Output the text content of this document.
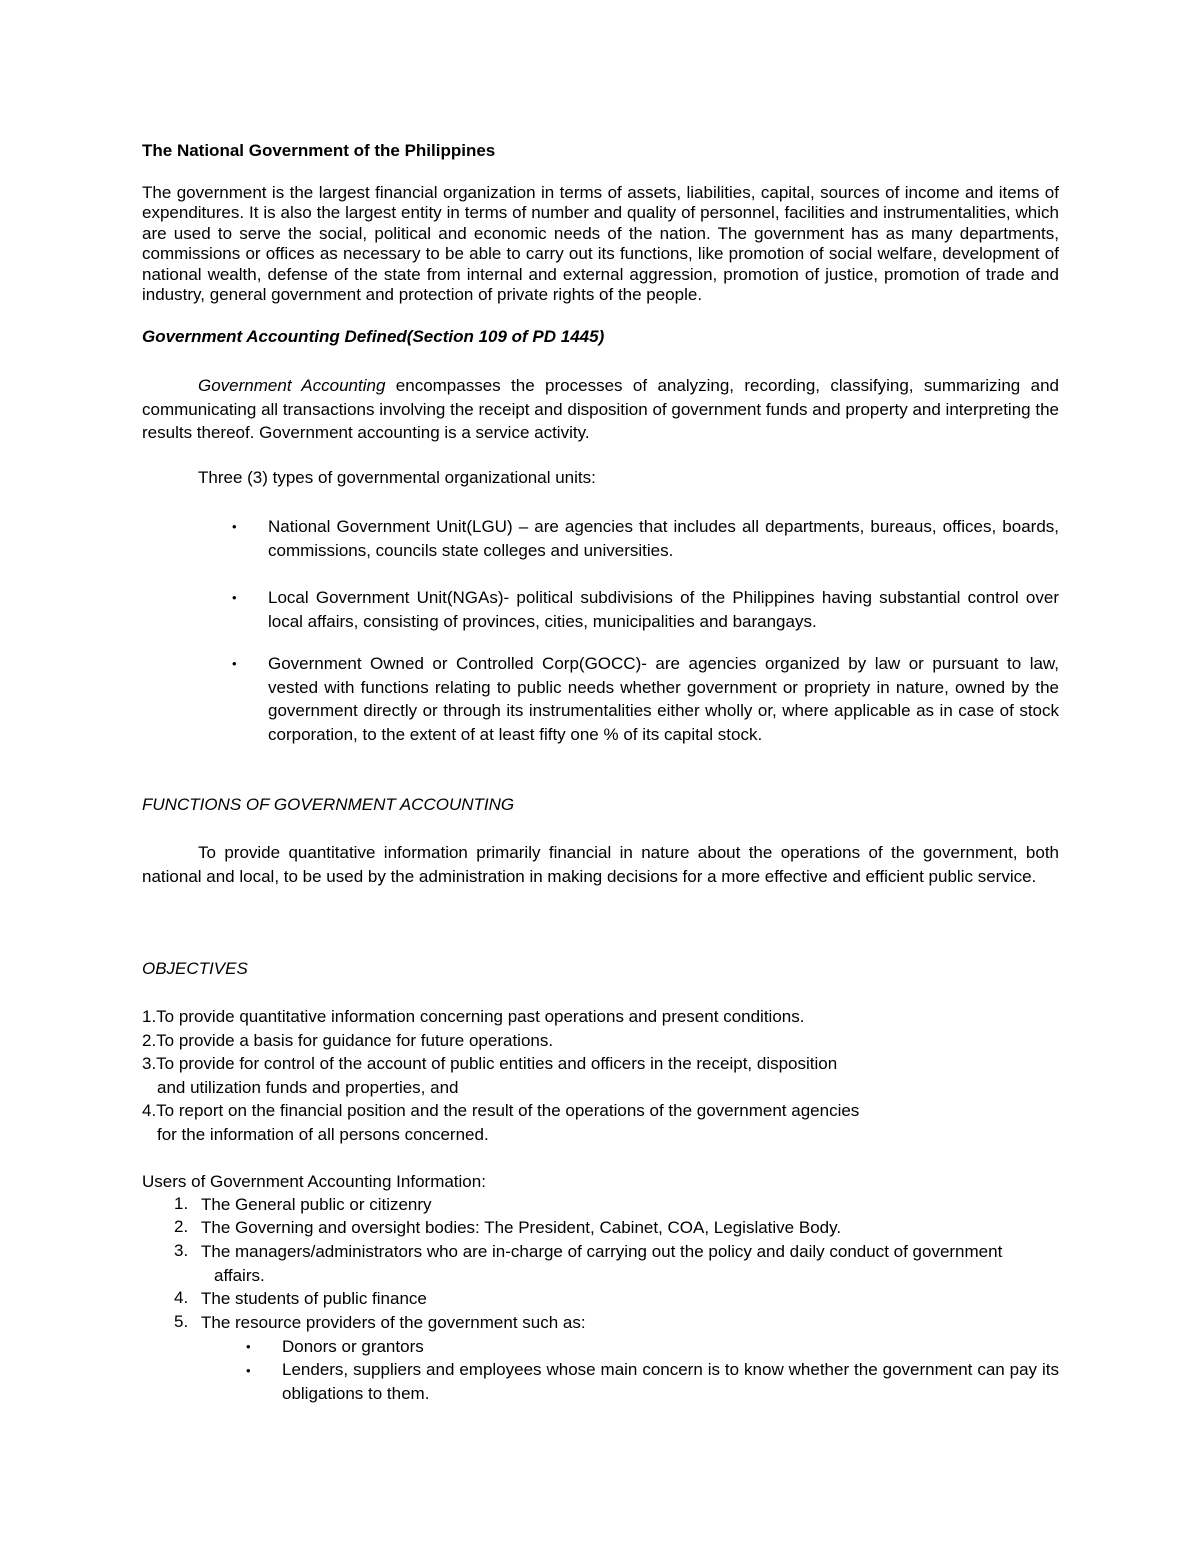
The National Government of the Philippines
The government is the largest financial organization in terms of assets, liabilities, capital, sources of income and items of expenditures. It is also the largest entity in terms of number and quality of personnel, facilities and instrumentalities, which are used to serve the social, political and economic needs of the nation. The government has as many departments, commissions or offices as necessary to be able to carry out its functions, like promotion of social welfare, development of national wealth, defense of the state from internal and external aggression, promotion of justice, promotion of trade and industry, general government and protection of private rights of the people.
Government Accounting Defined(Section 109 of PD 1445)
Government Accounting encompasses the processes of analyzing, recording, classifying, summarizing and communicating all transactions involving the receipt and disposition of government funds and property and interpreting the results thereof. Government accounting is a service activity.
Three (3) types of governmental organizational units:
• National Government Unit(LGU) – are agencies that includes all departments, bureaus, offices, boards, commissions, councils state colleges and universities.
• Local Government Unit(NGAs)- political subdivisions of the Philippines having substantial control over local affairs, consisting of provinces, cities, municipalities and barangays.
• Government Owned or Controlled Corp(GOCC)- are agencies organized by law or pursuant to law, vested with functions relating to public needs whether government or propriety in nature, owned by the government directly or through its instrumentalities either wholly or, where applicable as in case of stock corporation, to the extent of at least fifty one % of its capital stock.
FUNCTIONS OF GOVERNMENT ACCOUNTING
To provide quantitative information primarily financial in nature about the operations of the government, both national and local, to be used by the administration in making decisions for a more effective and efficient public service.
OBJECTIVES
1.To provide quantitative information concerning past operations and present conditions.
2.To provide a basis for guidance for future operations.
3.To provide for control of the account of public entities and officers in the receipt, disposition
and utilization funds and properties, and
4.To report on the financial position and the result of the operations of the government agencies
for the information of all persons concerned.
Users of Government Accounting Information:
1. The General public or citizenry
2. The Governing and oversight bodies: The President, Cabinet, COA, Legislative Body.
3. The managers/administrators who are in-charge of carrying out the policy and daily conduct of government
affairs.
4. The students of public finance
5. The resource providers of the government such as:
• Donors or grantors
• Lenders, suppliers and employees whose main concern is to know whether the government can pay its obligations to them.
